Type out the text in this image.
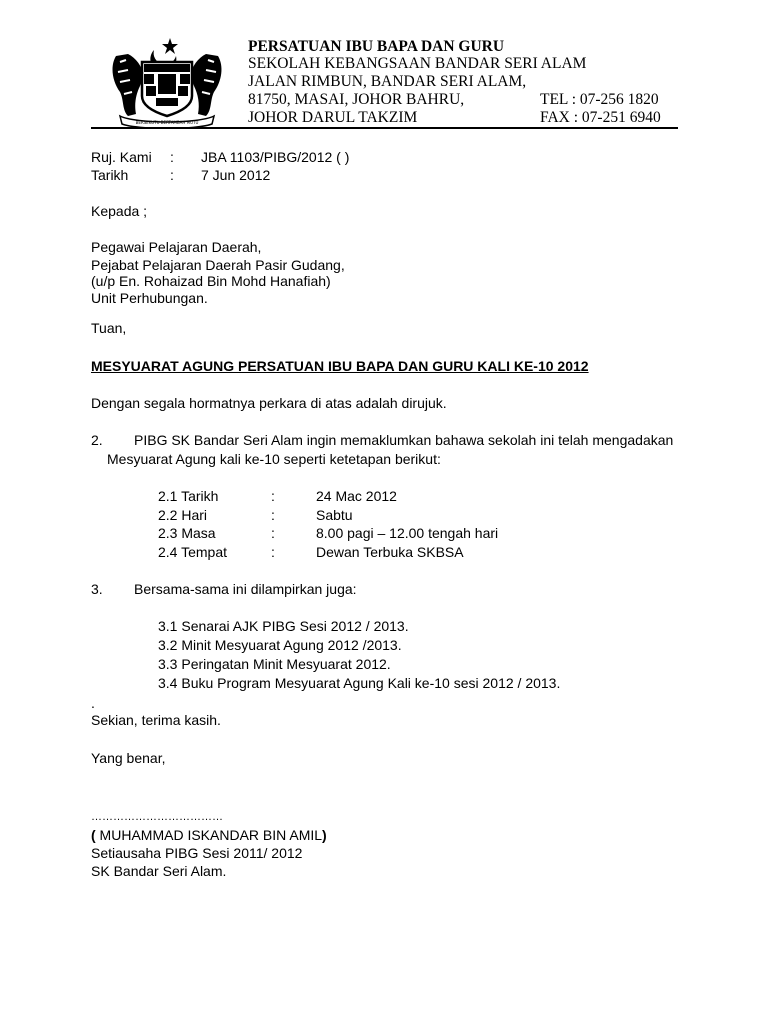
BERSEKUTU BERTAMBAH MUTU
PERSATUAN IBU BAPA DAN GURU
SEKOLAH KEBANGSAAN BANDAR SERI ALAM
JALAN RIMBUN, BANDAR SERI ALAM,
81750, MASAI, JOHOR BAHRU,
JOHOR DARUL TAKZIM
TEL : 07-256 1820
FAX : 07-251 6940
Ruj. Kami : JBA 1103/PIBG/2012 ( )
Tarikh	: 7 Jun 2012
Kepada ;
Pegawai Pelajaran Daerah,
Pejabat Pelajaran Daerah Pasir Gudang,
(u/p En. Rohaizad Bin Mohd Hanafiah)
Unit Perhubungan.
Tuan,
MESYUARAT AGUNG PERSATUAN IBU BAPA DAN GURU KALI KE-10 2012
Dengan segala hormatnya perkara di atas adalah dirujuk.
2. PIBG SK Bandar Seri Alam ingin memaklumkan bahawa sekolah ini telah mengadakan
Mesyuarat Agung kali ke-10 seperti ketetapan berikut:
2.1 Tarikh	:	24 Mac 2012
2.2 Hari	:	Sabtu
2.3 Masa	:	8.00 pagi – 12.00 tengah hari
2.4 Tempat	:	Dewan Terbuka SKBSA
3. Bersama-sama ini dilampirkan juga:
3.1 Senarai AJK PIBG Sesi 2012 / 2013.
3.2 Minit Mesyuarat Agung 2012 /2013.
3.3 Peringatan Minit Mesyuarat 2012.
3.4 Buku Program Mesyuarat Agung Kali ke-10 sesi 2012 / 2013.
.
Sekian, terima kasih.
Yang benar,
………………………………
( MUHAMMAD ISKANDAR BIN AMIL)
Setiausaha PIBG Sesi 2011/ 2012
SK Bandar Seri Alam.
